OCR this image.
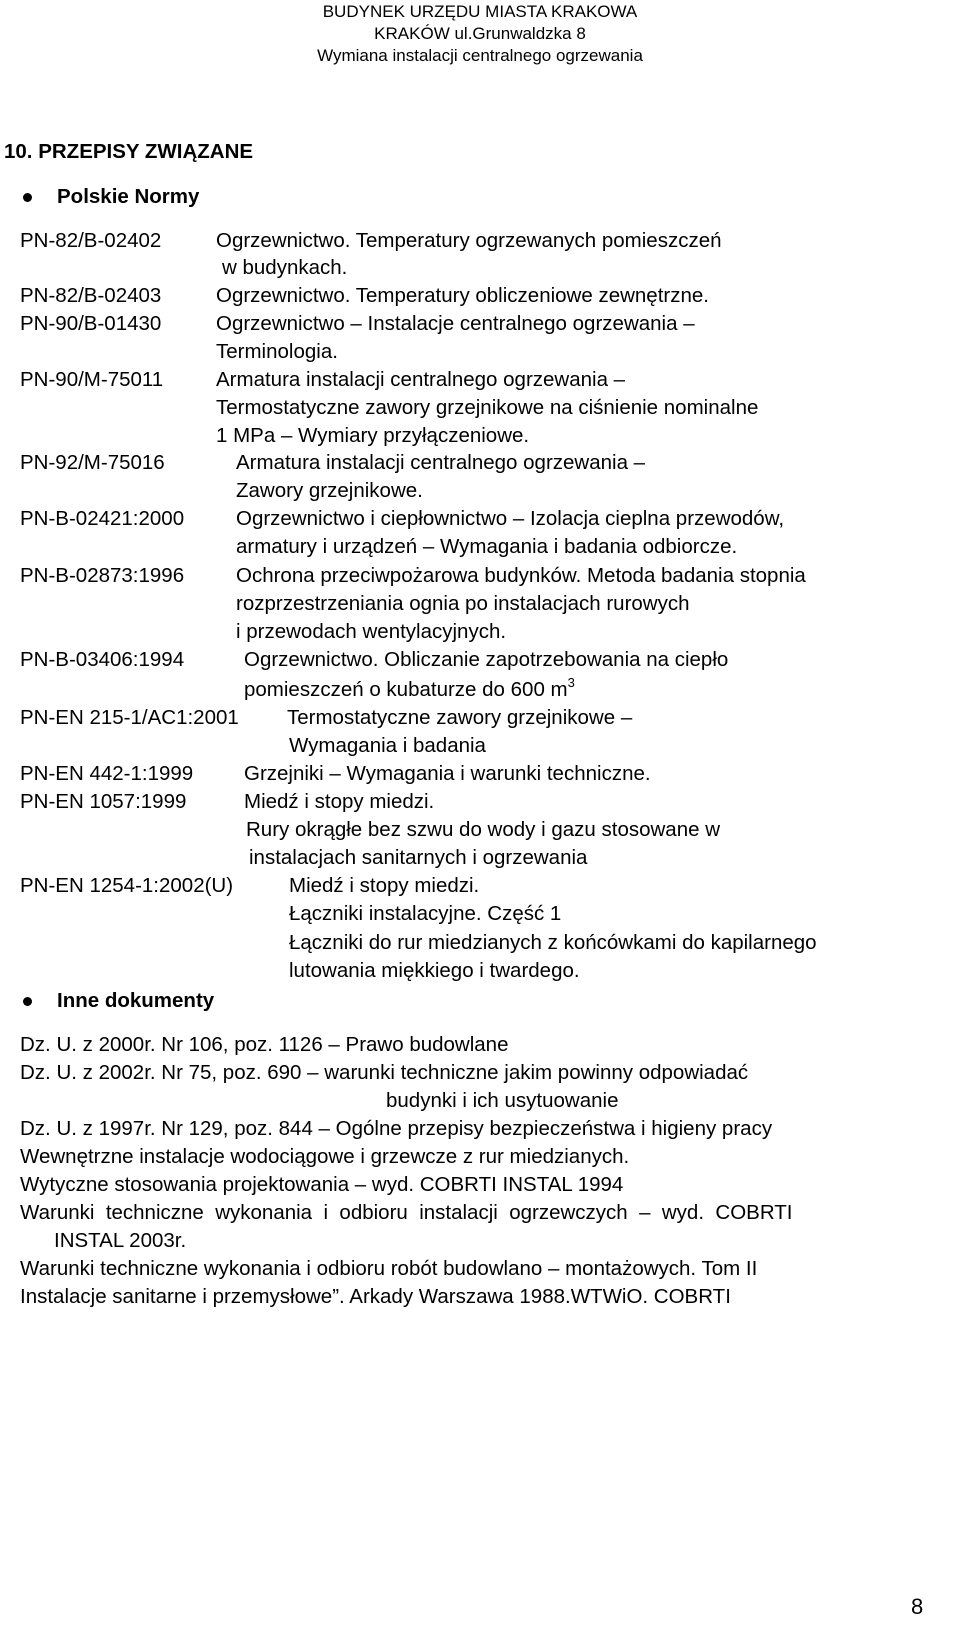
BUDYNEK URZĘDU MIASTA KRAKOWA
KRAKÓW ul.Grunwaldzka 8
Wymiana instalacji centralnego ogrzewania
10. PRZEPISY ZWIĄZANE
Polskie Normy
PN-82/B-02402	Ogrzewnictwo. Temperatury ogrzewanych pomieszczeń
w budynkach.
PN-82/B-02403	Ogrzewnictwo. Temperatury obliczeniowe zewnętrzne.
PN-90/B-01430	Ogrzewnictwo – Instalacje centralnego ogrzewania –
Terminologia.
PN-90/M-75011	Armatura instalacji centralnego ogrzewania –
Termostatyczne zawory grzejnikowe na ciśnienie nominalne
1 MPa – Wymiary przyłączeniowe.
PN-92/M-75016	Armatura instalacji centralnego ogrzewania –
Zawory grzejnikowe.
PN-B-02421:2000	Ogrzewnictwo i ciepłownictwo – Izolacja cieplna przewodów,
armatury i urządzeń – Wymagania i badania odbiorcze.
PN-B-02873:1996	Ochrona przeciwpożarowa budynków. Metoda badania stopnia
rozprzestrzeniania ognia po instalacjach rurowych
i przewodach wentylacyjnych.
PN-B-03406:1994	Ogrzewnictwo. Obliczanie zapotrzebowania na ciepło
pomieszczeń o kubaturze do 600 $m^3$
PN-EN 215-1/AC1:2001 Termostatyczne zawory grzejnikowe –
Wymagania i badania
PN-EN 442-1:1999 Grzejniki – Wymagania i warunki techniczne.
PN-EN 1057:1999	Miedź i stopy miedzi.
Rury okrągłe bez szwu do wody i gazu stosowane w
instalacjach sanitarnych i ogrzewania
PN-EN 1254-1:2002(U)	Miedź i stopy miedzi.
Łączniki instalacyjne. Część 1
Łączniki do rur miedzianych z końcówkami do kapilarnego
lutowania miękkiego i twardego.
Inne dokumenty
Dz. U. z 2000r. Nr 106, poz. 1126 – Prawo budowlane
Dz. U. z 2002r. Nr 75, poz. 690 – warunki techniczne jakim powinny odpowiadać
budynki i ich usytuowanie
Dz. U. z 1997r. Nr 129, poz. 844 – Ogólne przepisy bezpieczeństwa i higieny pracy
Wewnętrzne instalacje wodociągowe i grzewcze z rur miedzianych.
Wytyczne stosowania projektowania – wyd. COBRTI INSTAL 1994
Warunki  techniczne  wykonania  i  odbioru  instalacji  ogrzewczych  –  wyd.  COBRTI
INSTAL 2003r.
Warunki techniczne wykonania i odbioru robót budowlano – montażowych. Tom II
Instalacje sanitarne i przemysłowe”. Arkady Warszawa 1988.WTWiO. COBRTI
8
